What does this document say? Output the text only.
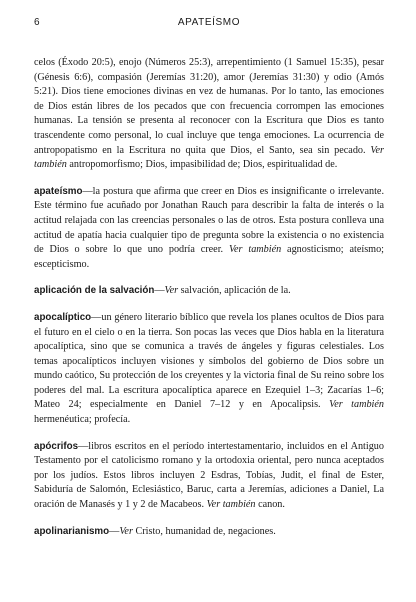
6	APATEÍSMO

celos (Éxodo 20:5), enojo (Números 25:3), arrepentimiento (1 Samuel 15:35), pesar (Génesis 6:6), compasión (Jeremías 31:20), amor (Jeremías 31:30) y odio (Amós 5:21). Dios tiene emociones divinas en vez de humanas. Por lo tanto, las emociones de Dios están libres de los pecados que con frecuencia corrompen las emociones humanas. La tensión se presenta al reconocer con la Escritura que Dios es tanto trascendente como personal, lo cual incluye que tenga emociones. La ocurrencia de antropopatismo en la Escritura no quita que Dios, el Santo, sea sin pecado. Ver también antropomorfismo; Dios, impasibilidad de; Dios, espiritualidad de.

apateísmo—la postura que afirma que creer en Dios es insignificante o irrelevante. Este término fue acuñado por Jonathan Rauch para describir la falta de interés o la actitud relajada con las creencias personales o las de otros. Esta postura conlleva una actitud de apatía hacia cualquier tipo de pregunta sobre la existencia o no existencia de Dios o sobre lo que uno podría creer. Ver también agnosticismo; ateísmo; escepticismo.

aplicación de la salvación—Ver salvación, aplicación de la.

apocalíptico—un género literario bíblico que revela los planes ocultos de Dios para el futuro en el cielo o en la tierra. Son pocas las veces que Dios habla en la literatura apocalíptica, sino que se comunica a través de ángeles y figuras celestiales. Los temas apocalípticos incluyen visiones y símbolos del gobierno de Dios sobre un mundo caótico, Su protección de los creyentes y la victoria final de Su reino sobre los poderes del mal. La escritura apocalíptica aparece en Ezequiel 1–3; Zacarías 1–6; Mateo 24; especialmente en Daniel 7–12 y en Apocalipsis. Ver también hermenéutica; profecía.

apócrifos—libros escritos en el período intertestamentario, incluidos en el Antiguo Testamento por el catolicismo romano y la ortodoxia oriental, pero nunca aceptados por los judíos. Estos libros incluyen 2 Esdras, Tobías, Judit, el final de Ester, Sabiduría de Salomón, Eclesiástico, Baruc, carta a Jeremías, adiciones a Daniel, La oración de Manasés y 1 y 2 de Macabeos. Ver también canon.

apolinarianismo—Ver Cristo, humanidad de, negaciones.
